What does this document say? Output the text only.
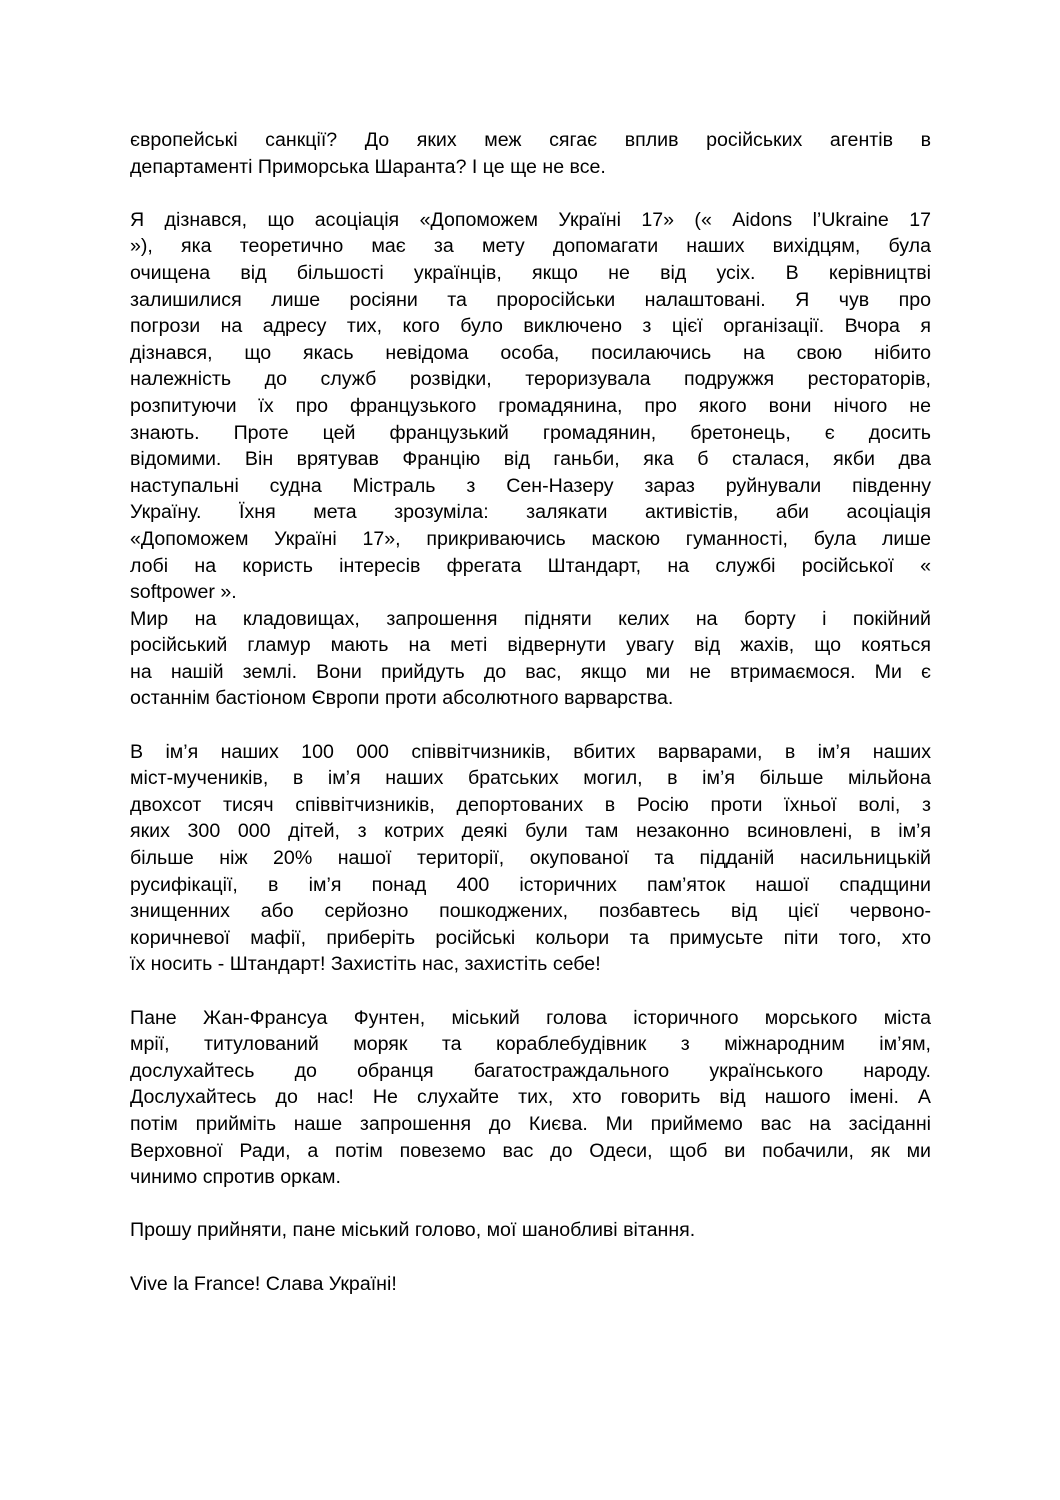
європейські санкції? До яких меж сягає вплив російських агентів в
департаменті Приморська Шаранта? І це ще не все.
Я дізнався, що асоціація «Допоможем Україні 17» (« Aidons l’Ukraine 17
»), яка теоретично має за мету допомагати наших вихідцям, була
очищена від більшості українців, якщо не від усіх. В керівництві
залишилися лише росіяни та проросійськи налаштовані. Я чув про
погрози на адресу тих, кого було виключено з цієї організації. Вчора я
дізнався, що якась невідома особа, посилаючись на свою нібито
належність до служб розвідки, тероризувала подружжя рестораторів,
розпитуючи їх про французького громадянина, про якого вони нічого не
знають. Проте цей французький громадянин, бретонець, є досить
відомими. Він врятував Францію від ганьби, яка б сталася, якби два
наступальні судна Містраль з Сен-Назеру зараз руйнували південну
Україну. Їхня мета зрозуміла: залякати активістів, аби асоціація
«Допоможем Україні 17», прикриваючись маскою гуманності, була лише
лобі на користь інтересів фрегата Штандарт, на службі російської «
softpower ».
Мир на кладовищах, запрошення підняти келих на борту і покійний
російський гламур мають на меті відвернути увагу від жахів, що кояться
на нашій землі. Вони прийдуть до вас, якщо ми не втримаємося. Ми є
останнім бастіоном Європи проти абсолютного варварства.
В ім’я наших 100 000 співвітчизників, вбитих варварами, в ім’я наших
міст-мучеників, в ім’я наших братських могил, в ім’я більше мільйона
двохсот тисяч співвітчизників, депортованих в Росію проти їхньої волі, з
яких 300 000 дітей, з котрих деякі були там незаконно всиновлені, в ім’я
більше ніж 20% нашої території, окупованої та підданій насильницькій
русифікації, в ім’я понад 400 історичних пам’яток нашої спадщини
знищенних або серйозно пошкоджених, позбавтесь від цієї червоно-
коричневої мафії, приберіть російські кольори та примусьте піти того, хто
їх носить - Штандарт! Захистіть нас, захистіть себе!
Пане Жан-Франсуа Фунтен, міський голова історичного морського міста
мрії, титулований моряк та кораблебудівник з міжнародним ім’ям,
дослухайтесь до обранця багатостраждального українського народу.
Дослухайтесь до нас! Не слухайте тих, хто говорить від нашого імені. А
потім прийміть наше запрошення до Києва. Ми приймемо вас на засіданні
Верховної Ради, а потім повеземо вас до Одеси, щоб ви побачили, як ми
чинимо спротив оркам.
Прошу прийняти, пане міський голово, мої шанобливі вітання.
Vive la France! Слава Україні!
